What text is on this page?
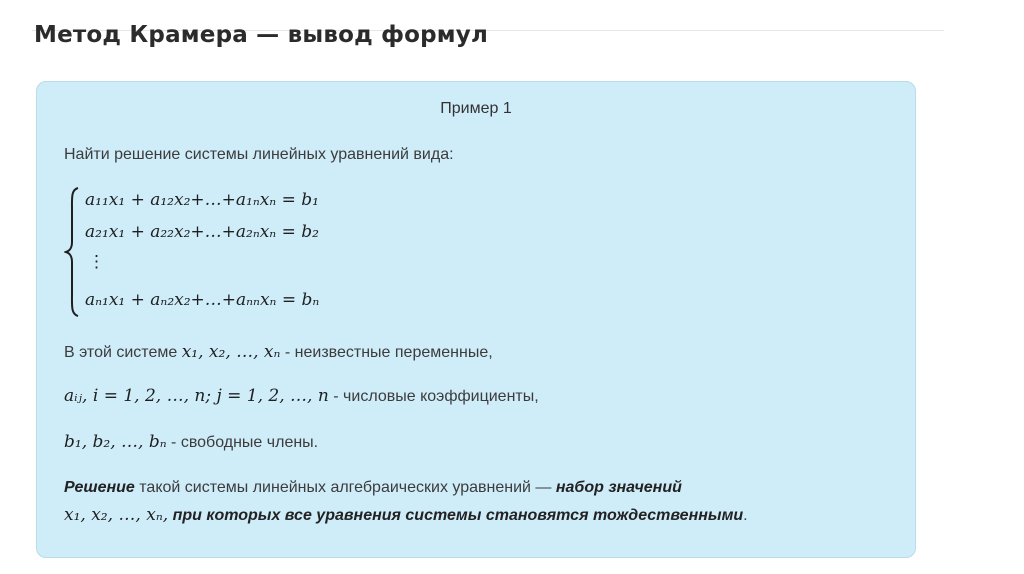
Метод Крамера — вывод формул
Пример 1
Найти решение системы линейных уравнений вида:
a₁₁x₁ + a₁₂x₂+…+a₁ₙxₙ = b₁
a₂₁x₁ + a₂₂x₂+…+a₂ₙxₙ = b₂
⋮
aₙ₁x₁ + aₙ₂x₂+…+aₙₙxₙ = bₙ
В этой системе x₁, x₂, …, xₙ - неизвестные переменные,
aᵢⱼ, i = 1, 2, …, n; j = 1, 2, …, n - числовые коэффициенты,
b₁, b₂, …, bₙ - свободные члены.
Решение такой системы линейных алгебраических уравнений — набор значений
x₁, x₂, …, xₙ, при которых все уравнения системы становятся тождественными.
